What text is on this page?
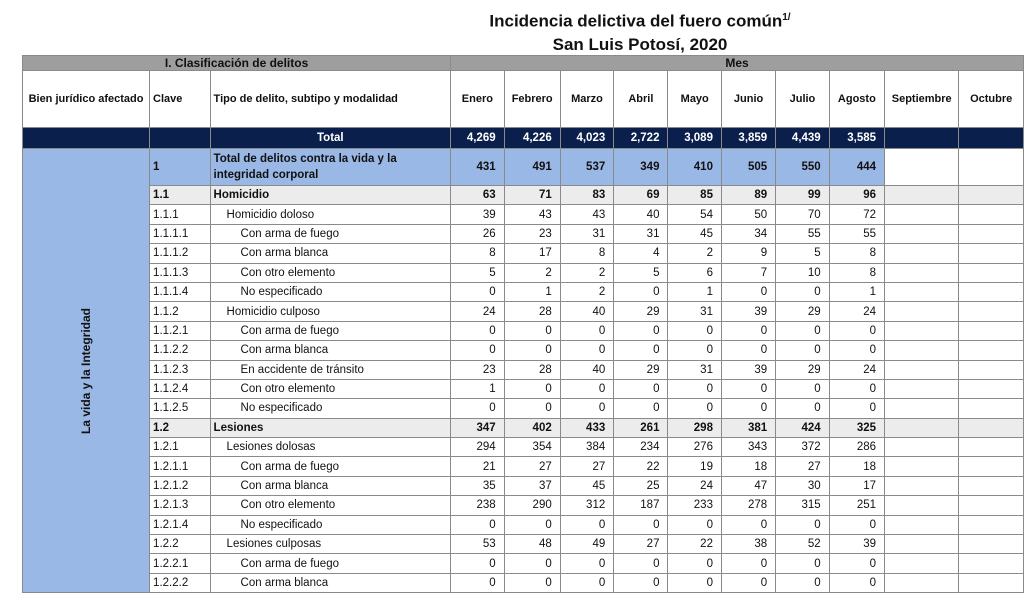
Incidencia delictiva del fuero común$^{1/}$
San Luis Potosí, 2020
I. Clasificación de delitos			Mes									
Bien jurídico afectado	Clave	Tipo de delito, subtipo y modalidad	Enero	Febrero	Marzo	Abril	Mayo	Junio	Julio	Agosto	Septiembre	Octubre
		Total	4,269	4,226	4,023	2,722	3,089	3,859	4,439	3,585		
La vida y la Integridad	1	Total de delitos contra la vida y la integridad corporal	431	491	537	349	410	505	550	444		
	1.1	Homicidio	63	71	83	69	85	89	99	96		
	1.1.1	Homicidio doloso	39	43	43	40	54	50	70	72		
	1.1.1.1	Con arma de fuego	26	23	31	31	45	34	55	55		
	1.1.1.2	Con arma blanca	8	17	8	4	2	9	5	8		
	1.1.1.3	Con otro elemento	5	2	2	5	6	7	10	8		
	1.1.1.4	No especificado	0	1	2	0	1	0	0	1		
	1.1.2	Homicidio culposo	24	28	40	29	31	39	29	24		
	1.1.2.1	Con arma de fuego	0	0	0	0	0	0	0	0		
	1.1.2.2	Con arma blanca	0	0	0	0	0	0	0	0		
	1.1.2.3	En accidente de tránsito	23	28	40	29	31	39	29	24		
	1.1.2.4	Con otro elemento	1	0	0	0	0	0	0	0		
	1.1.2.5	No especificado	0	0	0	0	0	0	0	0		
	1.2	Lesiones	347	402	433	261	298	381	424	325		
	1.2.1	Lesiones dolosas	294	354	384	234	276	343	372	286		
	1.2.1.1	Con arma de fuego	21	27	27	22	19	18	27	18		
	1.2.1.2	Con arma blanca	35	37	45	25	24	47	30	17		
	1.2.1.3	Con otro elemento	238	290	312	187	233	278	315	251		
	1.2.1.4	No especificado	0	0	0	0	0	0	0	0		
	1.2.2	Lesiones culposas	53	48	49	27	22	38	52	39		
	1.2.2.1	Con arma de fuego	0	0	0	0	0	0	0	0		
	1.2.2.2	Con arma blanca	0	0	0	0	0	0	0	0		
